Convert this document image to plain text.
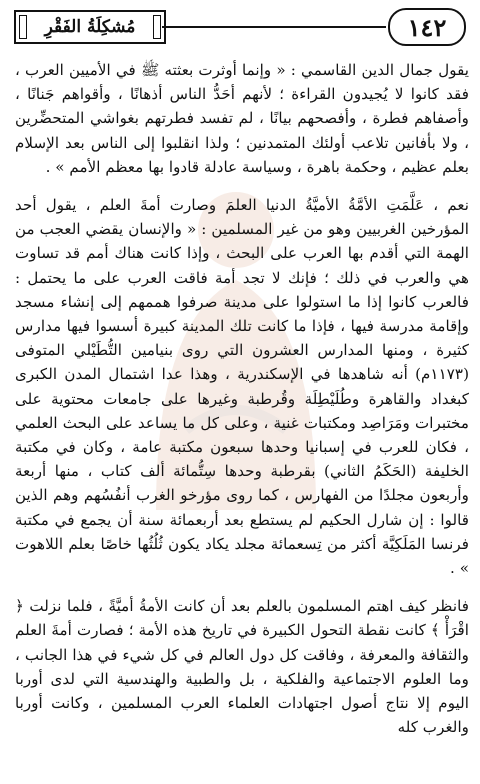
مُشكِلَةُ الفَقْرِ	١٤٢

يقول جمال الدين القاسمي : « وإنما أوثرت بعثته ﷺ في الأميين العرب ، فقد كانوا لا يُجيدون القراءة ؛ لأنهم أحَدُّ الناس أذهانًا ، وأقواهم جَنانًا ، وأصفاهم فطرة ، وأفصحهم بيانًا ، لم تفسد فطرتهم بغواشي المتحضِّرين ، ولا بأفانين تلاعب أولئك المتمدنين ؛ ولذا انقلبوا إلى الناس بعد الإسلام بعلم عظيم ، وحكمة باهرة ، وسياسة عادلة قادوا بها معظم الأمم » .

نعم ، عَلَّمَتِ الأمَّةُ الأميَّةُ الدنيا العلمَ وصارت أمةَ العلم ، يقول أحد المؤرخين الغربيين وهو من غير المسلمين : « والإنسان يقضي العجب من الهمة التي أقدم بها العرب على البحث ، وإذا كانت هناك أمم قد تساوت هي والعرب في ذلك ؛ فإنك لا تجد أمة فاقت العرب على ما يحتمل : فالعرب كانوا إذا ما استولوا على مدينة صرفوا هممهم إلى إنشاء مسجد وإقامة مدرسة فيها ، فإذا ما كانت تلك المدينة كبيرة أسسوا فيها مدارس كثيرة ، ومنها المدارس العشرون التي روى بنيامين التُّطَيْلي المتوفى (١١٧٣م) أنه شاهدها في الإسكندرية ، وهذا عدا اشتمال المدن الكبرى كبغداد والقاهرة وطُلَيْطِلَة وقُرطبة وغيرها على جامعات محتوية على مختبرات ومَرَاصِد ومكتبات غنية ، وعلى كل ما يساعد على البحث العلمي ، فكان للعرب في إسبانيا وحدها سبعون مكتبة عامة ، وكان في مكتبة الخليفة (الحَكَمُ الثاني) بقرطبة وحدها سِتُّمائة ألف كتاب ، منها أربعة وأربعون مجلدًا من الفهارس ، كما روى مؤرخو الغرب أنفُسُهم وهم الذين قالوا : إن شارل الحكيم لم يستطع بعد أربعمائة سنة أن يجمع في مكتبة فرنسا المَلَكِيَّة أكثر من تِسعمائة مجلد يكاد يكون ثُلُثُها خاصًا بعلم اللاهوت » .

فانظر كيف اهتم المسلمون بالعلم بعد أن كانت الأمةُ أميَّةً ، فلما نزلت ﴿ اقْرَأْ ﴾ كانت نقطة التحول الكبيرة في تاريخ هذه الأمة ؛ فصارت أمةَ العلم والثقافة والمعرفة ، وفاقت كل دول العالم في كل شيء في هذا الجانب ، وما العلوم الاجتماعية والفلكية ، بل والطبية والهندسية التي لدى أوربا اليوم إلا نتاج أصول اجتهادات العلماء العرب المسلمين ، وكانت أوربا والغرب كله
